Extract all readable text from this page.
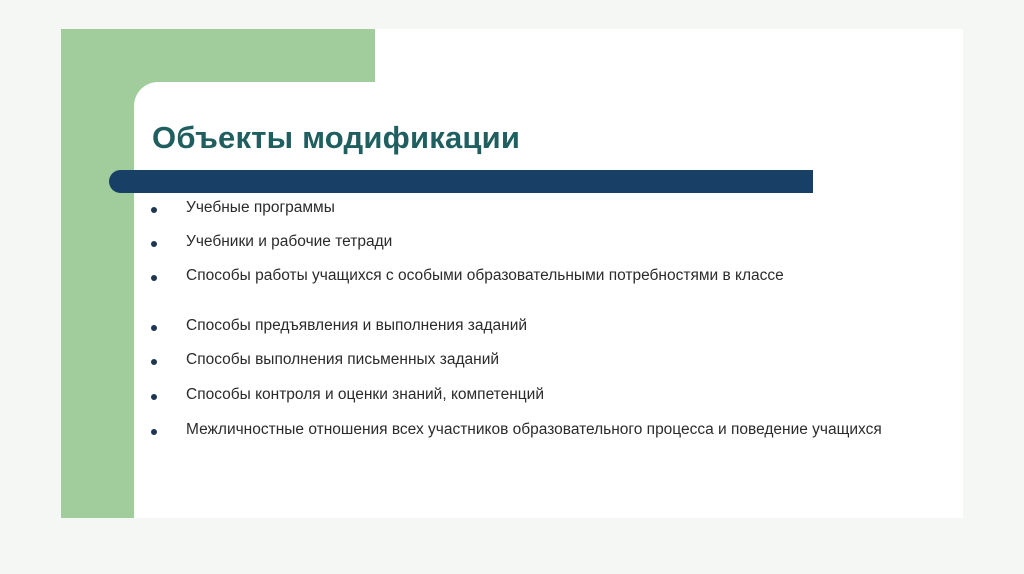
Объекты модификации
Учебные программы
Учебники и рабочие тетради
Способы работы учащихся с особыми образовательными потребностями в классе
Способы предъявления и выполнения заданий
Способы выполнения письменных заданий
Способы контроля и оценки знаний, компетенций
Межличностные отношения всех участников образовательного процесса и поведение учащихся
